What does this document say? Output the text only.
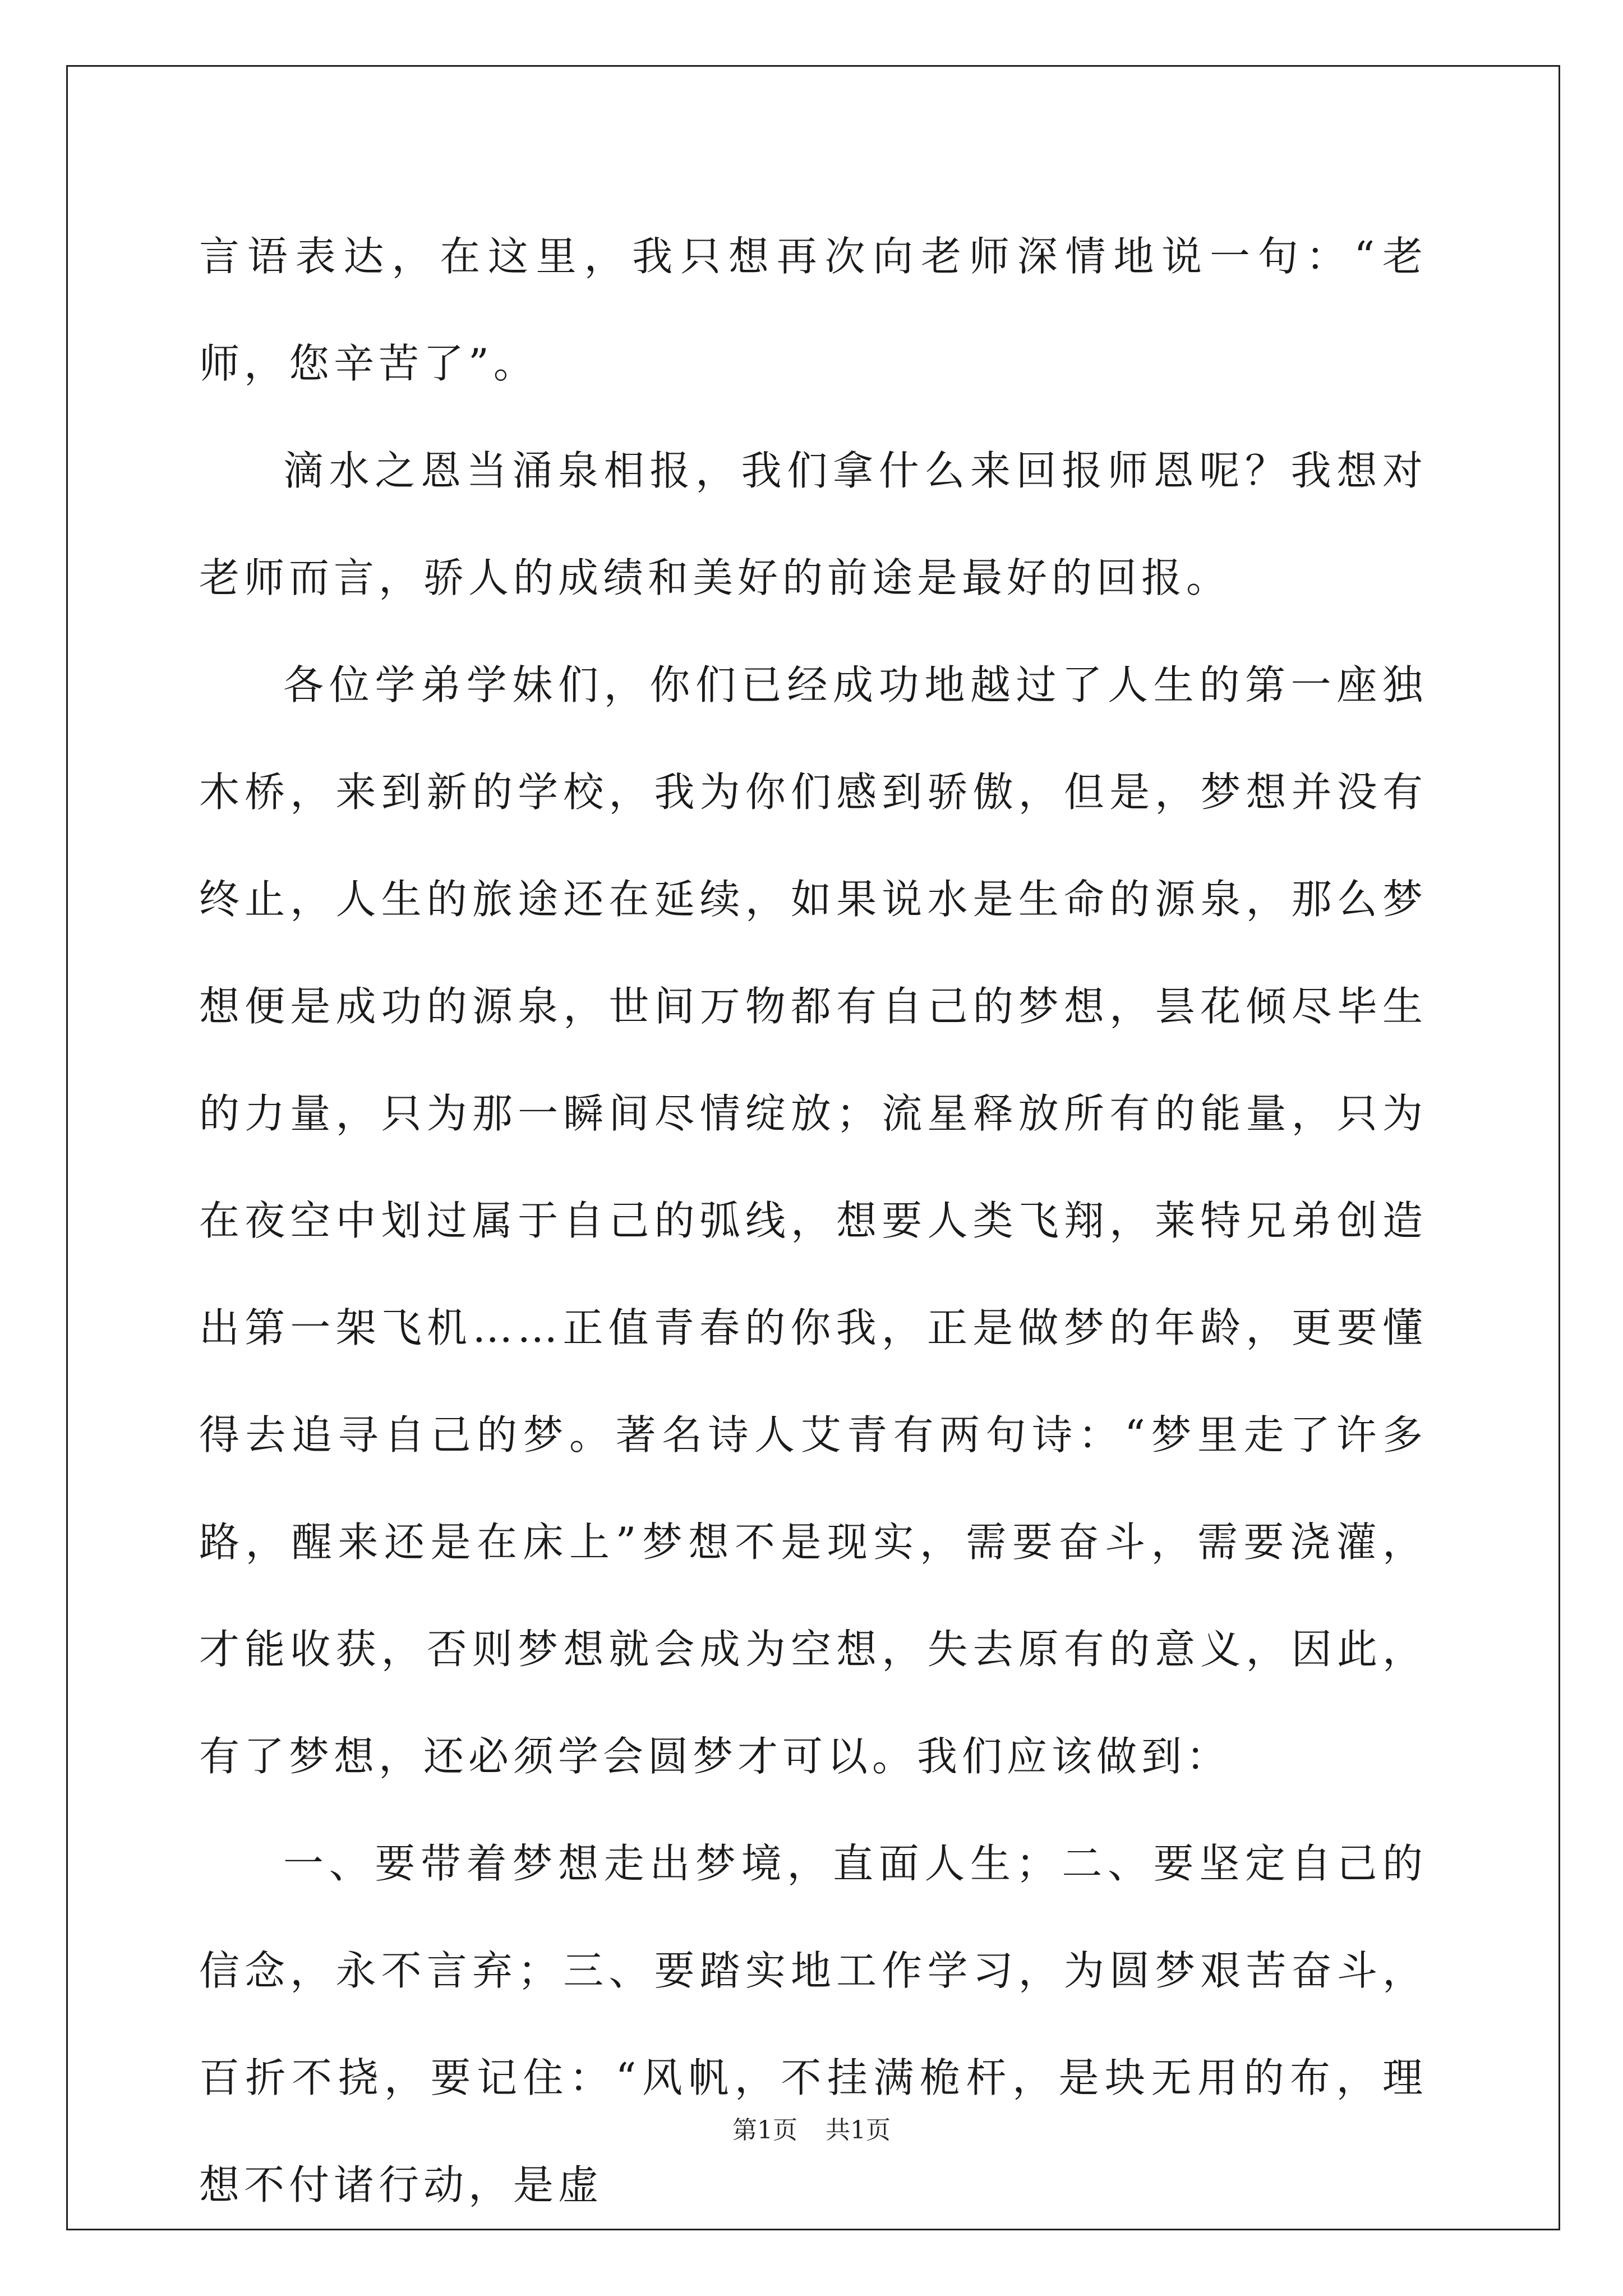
言语表达，在这里，我只想再次向老师深情地说一句：“老师，您辛苦了”。

滴水之恩当涌泉相报，我们拿什么来回报师恩呢？我想对老师而言，骄人的成绩和美好的前途是最好的回报。

各位学弟学妹们，你们已经成功地越过了人生的第一座独木桥，来到新的学校，我为你们感到骄傲，但是，梦想并没有终止，人生的旅途还在延续，如果说水是生命的源泉，那么梦想便是成功的源泉，世间万物都有自己的梦想，昙花倾尽毕生的力量，只为那一瞬间尽情绽放；流星释放所有的能量，只为在夜空中划过属于自己的弧线，想要人类飞翔，莱特兄弟创造出第一架飞机……正值青春的你我，正是做梦的年龄，更要懂得去追寻自己的梦。著名诗人艾青有两句诗：“梦里走了许多路，醒来还是在床上”梦想不是现实，需要奋斗，需要浇灌，才能收获，否则梦想就会成为空想，失去原有的意义，因此，有了梦想，还必须学会圆梦才可以。我们应该做到：

一、要带着梦想走出梦境，直面人生；二、要坚定自己的信念，永不言弃；三、要踏实地工作学习，为圆梦艰苦奋斗，百折不挠，要记住：“风帆，不挂满桅杆，是块无用的布，理想不付诸行动，是虚

第1页 共1页
